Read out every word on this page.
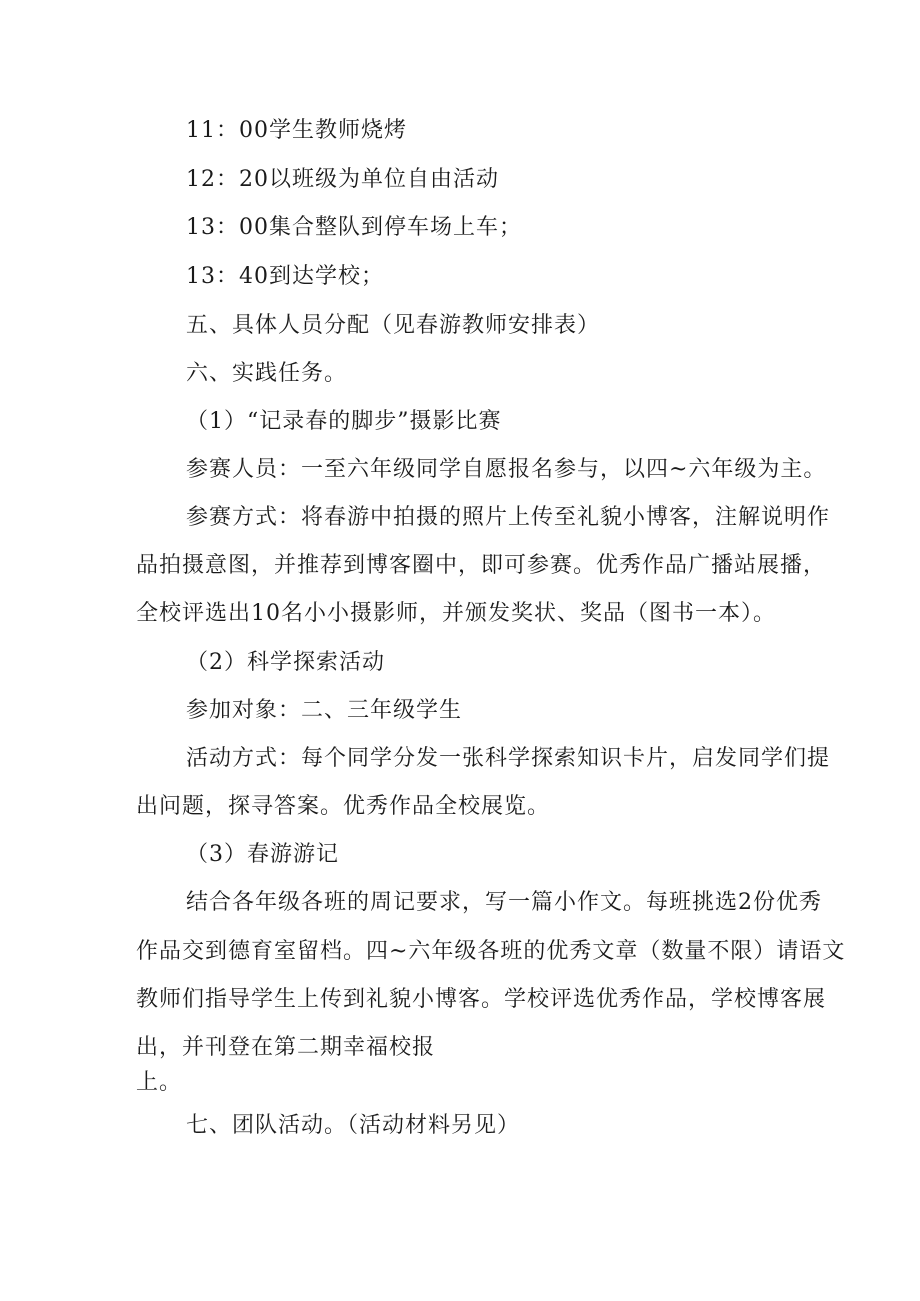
11：00学生教师烧烤
12：20以班级为单位自由活动
13：00集合整队到停车场上车；
13：40到达学校；
五、具体人员分配（见春游教师安排表）
六、实践任务。
（1）“记录春的脚步”摄影比赛
参赛人员：一至六年级同学自愿报名参与，以四~六年级为主。
参赛方式：将春游中拍摄的照片上传至礼貌小博客，注解说明作
品拍摄意图，并推荐到博客圈中，即可参赛。优秀作品广播站展播，
全校评选出10名小小摄影师，并颁发奖状、奖品（图书一本）。
（2）科学探索活动
参加对象：二、三年级学生
活动方式：每个同学分发一张科学探索知识卡片，启发同学们提
出问题，探寻答案。优秀作品全校展览。
（3）春游游记
结合各年级各班的周记要求，写一篇小作文。每班挑选2份优秀
作品交到德育室留档。四~六年级各班的优秀文章（数量不限）请语文
教师们指导学生上传到礼貌小博客。学校评选优秀作品，学校博客展
出，并刊登在第二期幸福校报
上。
七、团队活动。（活动材料另见）
